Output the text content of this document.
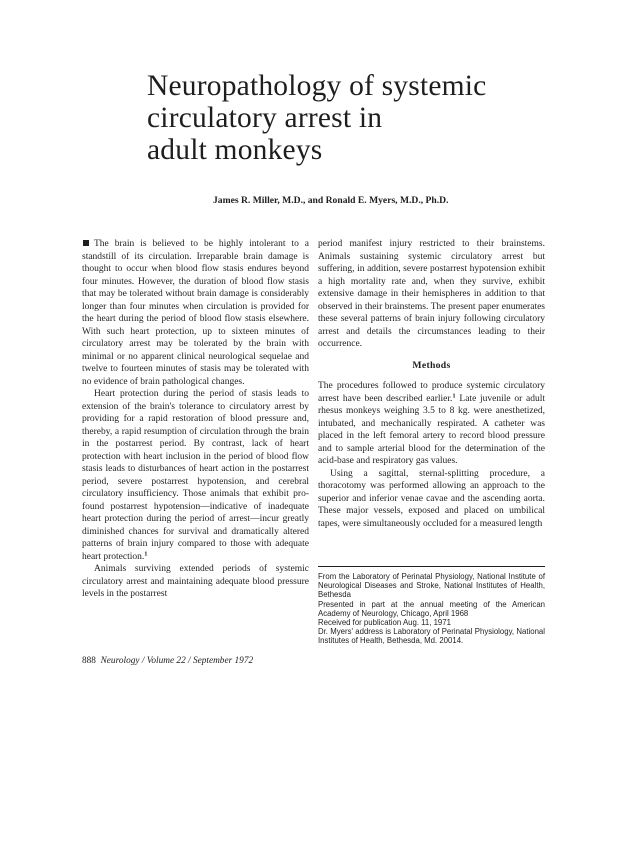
Neuropathology of systemic
circulatory arrest in
adult monkeys
James R. Miller, M.D., and Ronald E. Myers, M.D., Ph.D.

The brain is believed to be highly intolerant to a standstill of its circulation. Irreparable brain damage is thought to occur when blood flow stasis endures beyond four minutes. However, the duration of blood flow stasis that may be tolerated without brain damage is considerably longer than four minutes when circulation is provided for the heart during the period of blood flow stasis elsewhere. With such heart protection, up to sixteen minutes of circulatory arrest may be tolerated by the brain with minimal or no apparent clinical neurological sequelae and twelve to fourteen minutes of stasis may be tolerated with no evidence of brain pathological changes.

Heart protection during the period of stasis leads to extension of the brain's tolerance to circulatory arrest by providing for a rapid restoration of blood pressure and, thereby, a rapid resumption of circulation through the brain in the postarrest period. By contrast, lack of heart protection with heart inclusion in the period of blood flow stasis leads to disturbances of heart action in the postarrest period, severe postarrest hypotension, and cerebral circulatory insufficiency. Those animals that exhibit profound postarrest hypotension—indicative of inadequate heart protection during the period of arrest—incur greatly diminished chances for survival and dramatically altered patterns of brain injury compared to those with adequate heart protection.$^1$

Animals surviving extended periods of systemic circulatory arrest and maintaining adequate blood pressure levels in the postarrest

period manifest injury restricted to their brainstems. Animals sustaining systemic circulatory arrest but suffering, in addition, severe postarrest hypotension exhibit a high mortality rate and, when they survive, exhibit extensive damage in their hemispheres in addition to that observed in their brainstems. The present paper enumerates these several patterns of brain injury following circulatory arrest and details the circumstances leading to their occurrence.

Methods

The procedures followed to produce systemic circulatory arrest have been described earlier.$^1$ Late juvenile or adult rhesus monkeys weighing 3.5 to 8 kg. were anesthetized, intubated, and mechanically respirated. A catheter was placed in the left femoral artery to record blood pressure and to sample arterial blood for the determination of the acid-base and respiratory gas values.

Using a sagittal, sternal-splitting procedure, a thoracotomy was performed allowing an approach to the superior and inferior venae cavae and the ascending aorta. These major vessels, exposed and placed on umbilical tapes, were simultaneously occluded for a measured length

From the Laboratory of Perinatal Physiology, National Institute of Neurological Diseases and Stroke, National Institutes of Health, Bethesda

Presented in part at the annual meeting of the American Academy of Neurology, Chicago, April 1968

Received for publication Aug. 11, 1971

Dr. Myers' address is Laboratory of Perinatal Physiology, National Institutes of Health, Bethesda, Md. 20014.

888 Neurology / Volume 22 / September 1972
